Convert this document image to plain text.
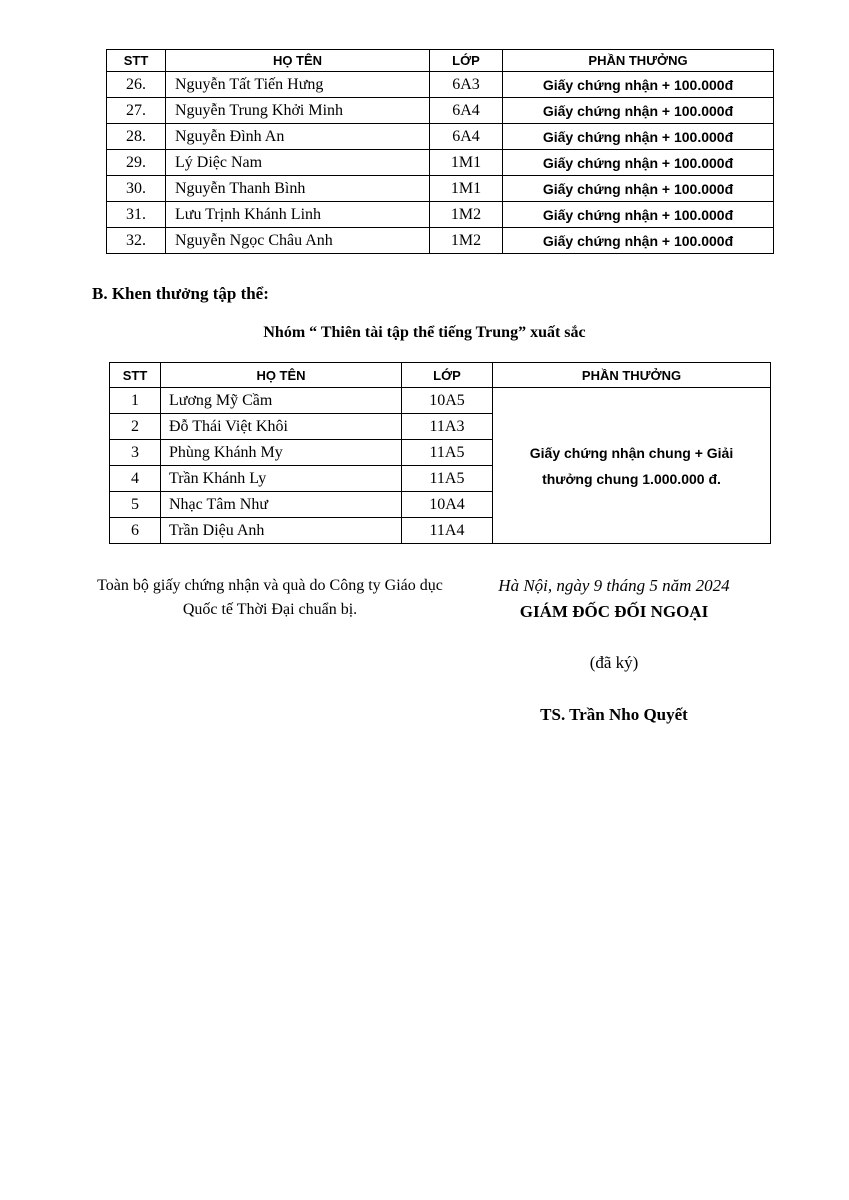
STT	HỌ TÊN	LỚP	PHẦN THƯỞNG
26.	Nguyễn Tất Tiến Hưng	6A3	Giấy chứng nhận + 100.000đ
27.	Nguyễn Trung Khởi Minh	6A4	Giấy chứng nhận + 100.000đ
28.	Nguyễn Đình An	6A4	Giấy chứng nhận + 100.000đ
29.	Lý Diệc Nam	1M1	Giấy chứng nhận + 100.000đ
30.	Nguyễn Thanh Bình	1M1	Giấy chứng nhận + 100.000đ
31.	Lưu Trịnh Khánh Linh	1M2	Giấy chứng nhận + 100.000đ
32.	Nguyễn Ngọc Châu Anh	1M2	Giấy chứng nhận + 100.000đ
B. Khen thưởng tập thể:
Nhóm “ Thiên tài tập thể tiếng Trung” xuất sắc
STT	HỌ TÊN	LỚP	PHẦN THƯỞNG
1	Lương Mỹ Cầm	10A5	Giấy chứng nhận chung + Giải thưởng chung 1.000.000 đ.
2	Đỗ Thái Việt Khôi	11A3	
3	Phùng Khánh My	11A5	
4	Trần Khánh Ly	11A5	
5	Nhạc Tâm Như	10A4	
6	Trần Diệu Anh	11A4	
Toàn bộ giấy chứng nhận và quà do Công ty Giáo dục Quốc tế Thời Đại chuẩn bị.
Hà Nội, ngày 9 tháng 5 năm 2024
GIÁM ĐỐC ĐỐI NGOẠI
(đã ký)
TS. Trần Nho Quyết
